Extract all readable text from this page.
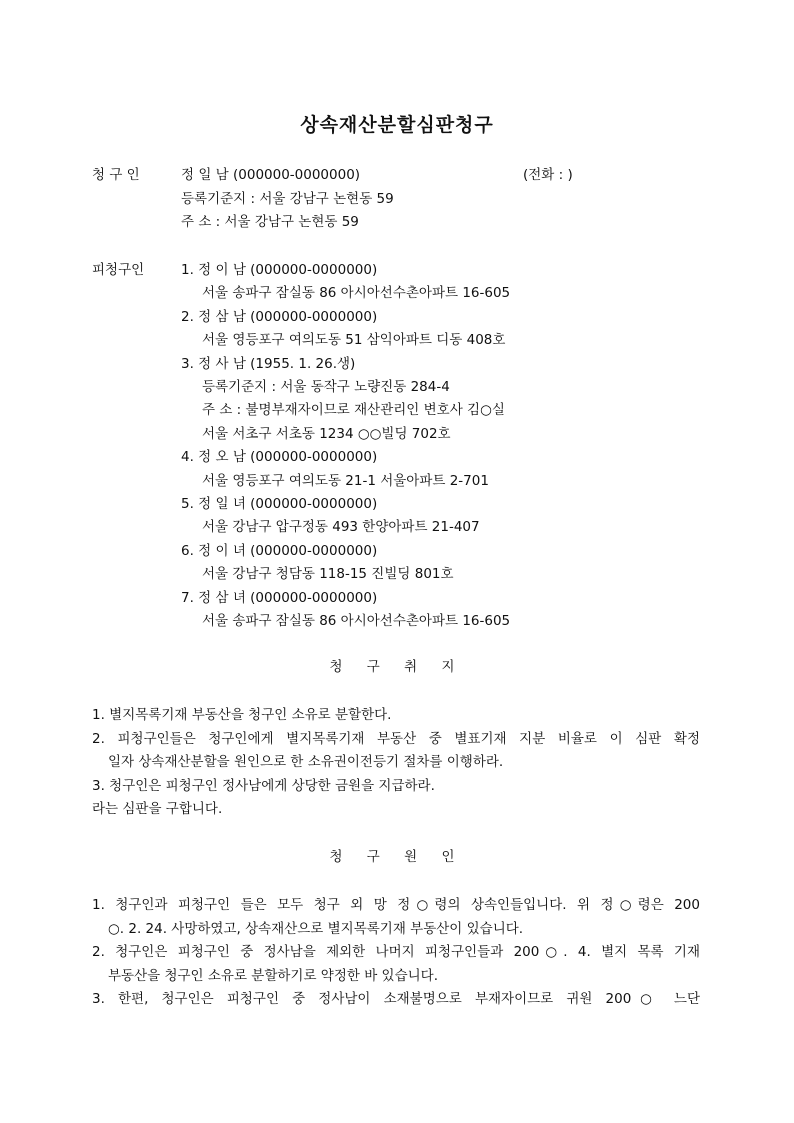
상속재산분할심판청구
청 구 인	정 일 남 (000000-0000000)	(전화 : )
등록기준지 : 서울 강남구 논현동 59
주 소 : 서울 강남구 논현동 59
피청구인	1. 정 이 남 (000000-0000000)
서울 송파구 잠실동 86 아시아선수촌아파트 16-605
2. 정 삼 남 (000000-0000000)
서울 영등포구 여의도동 51 삼익아파트 디동 408호
3. 정 사 남 (1955. 1. 26.생)
등록기준지 : 서울 동작구 노량진동 284-4
주 소 : 불명부재자이므로 재산관리인 변호사 김○실
서울 서초구 서초동 1234 ○○빌딩 702호
4. 정 오 남 (000000-0000000)
서울 영등포구 여의도동 21-1 서울아파트 2-701
5. 정 일 녀 (000000-0000000)
서울 강남구 압구정동 493 한양아파트 21-407
6. 정 이 녀 (000000-0000000)
서울 강남구 청담동 118-15 진빌딩 801호
7. 정 삼 녀 (000000-0000000)
서울 송파구 잠실동 86 아시아선수촌아파트 16-605
청 구 취 지
1. 별지목록기재 부동산을 청구인 소유로 분할한다.
2. 피청구인들은 청구인에게 별지목록기재 부동산 중 별표기재 지분 비율로 이 심판 확정
일자 상속재산분할을 원인으로 한 소유권이전등기 절차를 이행하라.
3. 청구인은 피청구인 정사남에게 상당한 금원을 지급하라.
라는 심판을 구합니다.
청 구 원 인
1. 청구인과 피청구인 들은 모두 청구 외 망 정○령의 상속인들입니다. 위 정○령은 200
○. 2. 24. 사망하였고, 상속재산으로 별지목록기재 부동산이 있습니다.
2. 청구인은 피청구인 중 정사남을 제외한 나머지 피청구인들과 200○. 4. 별지 목록 기재
부동산을 청구인 소유로 분할하기로 약정한 바 있습니다.
3. 한편, 청구인은 피청구인 중 정사남이 소재불명으로 부재자이므로 귀원 200○ 느단
